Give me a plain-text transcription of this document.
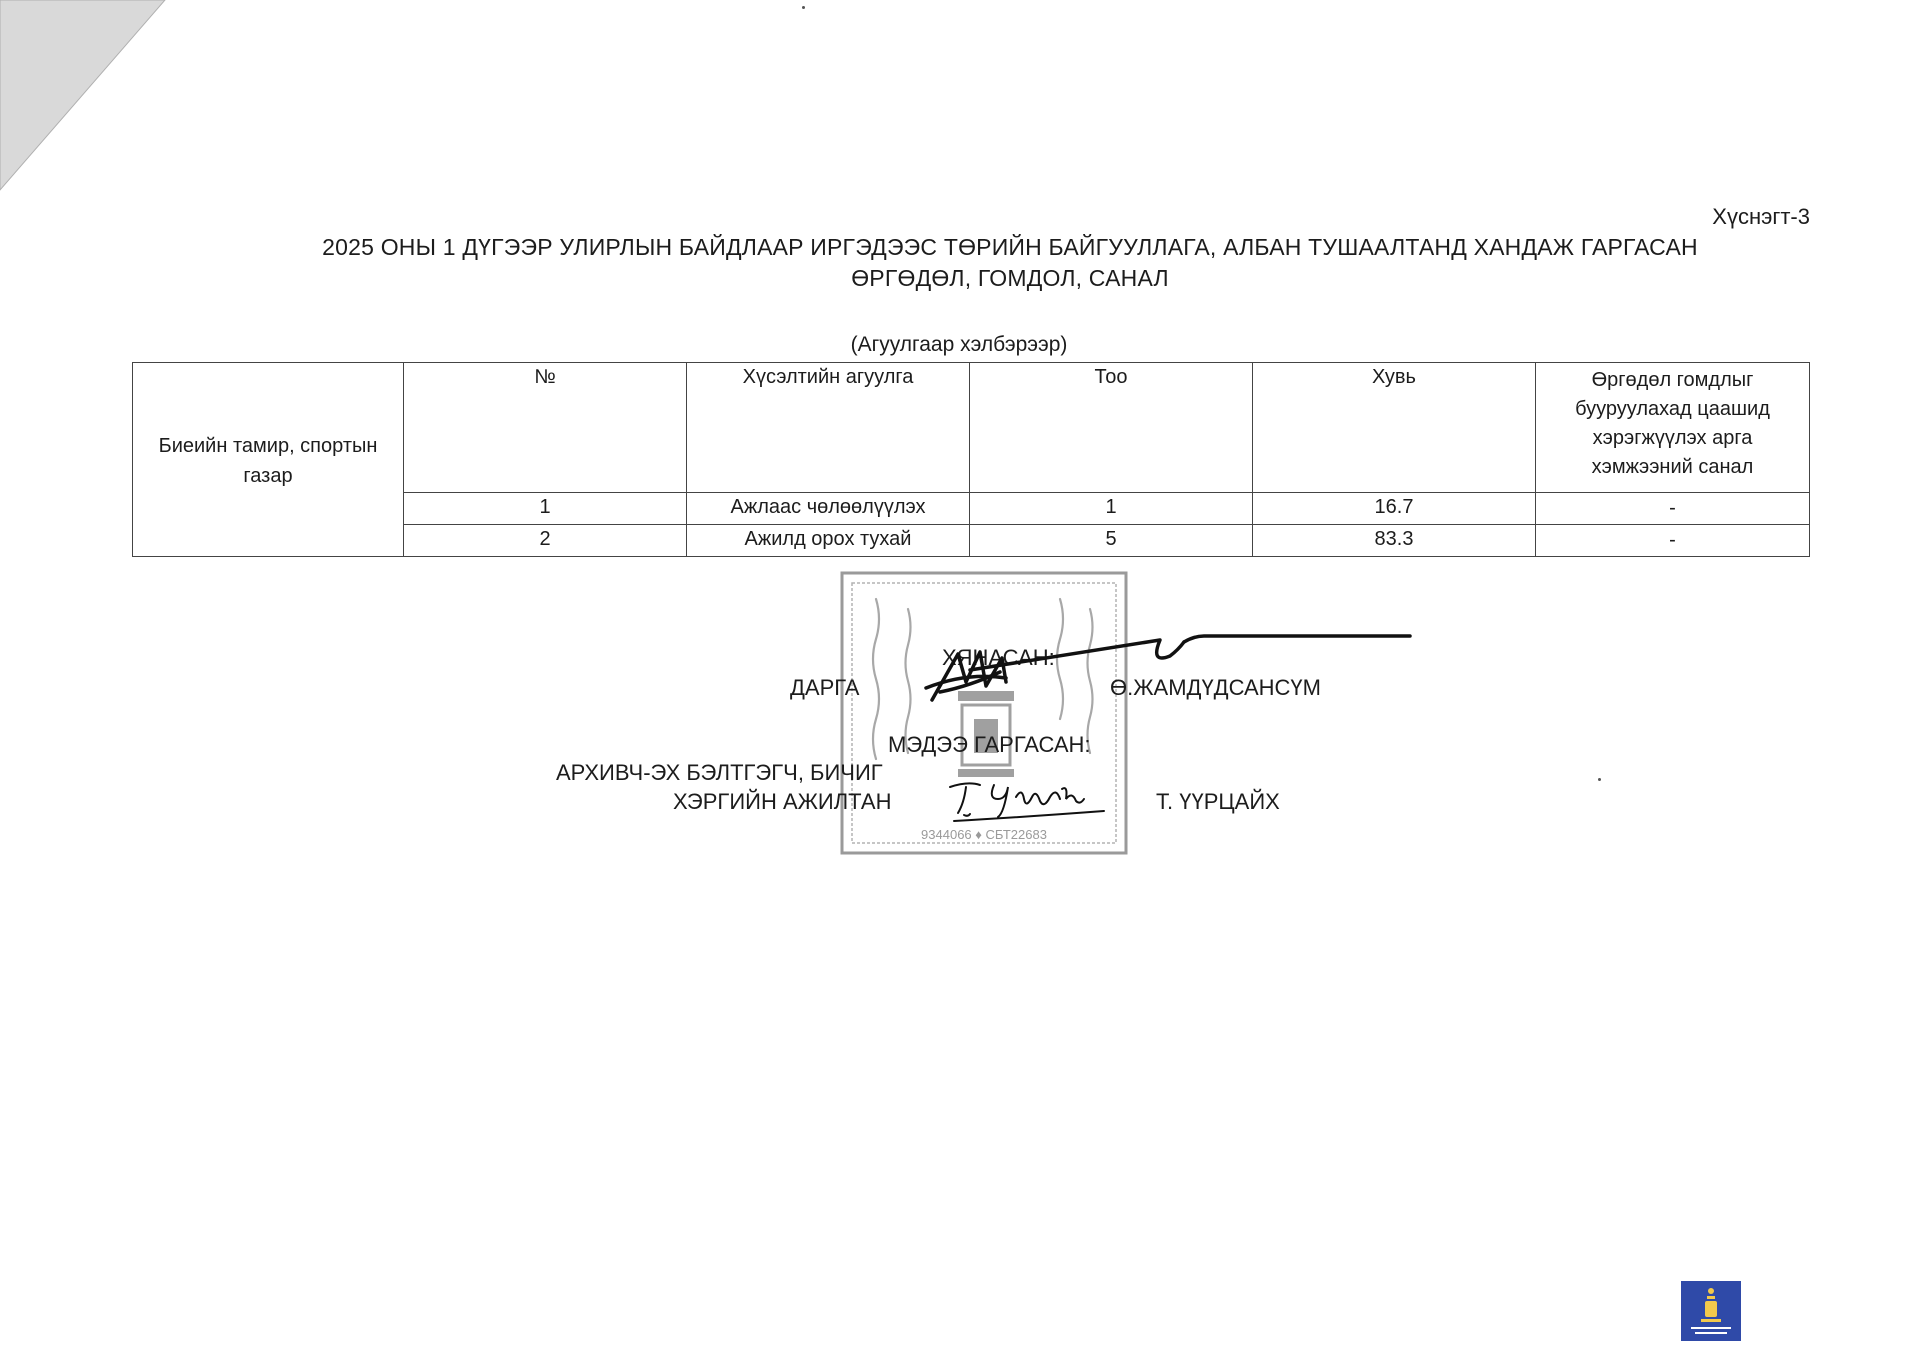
Хүснэгт-3
2025 ОНЫ 1 ДҮГЭЭР УЛИРЛЫН БАЙДЛААР ИРГЭДЭЭС ТӨРИЙН БАЙГУУЛЛАГА, АЛБАН ТУШААЛТАНД ХАНДАЖ ГАРГАСАН
ӨРГӨДӨЛ, ГОМДОЛ, САНАЛ
(Агуулгаар хэлбэрээр)
Биеийн тамир, спортын газар	№	Хүсэлтийн агуулга	Тоо	Хувь	Өргөдөл гомдлыг бууруулахад цаашид хэрэгжүүлэх арга хэмжээний санал
	1	Ажлаас чөлөөлүүлэх	1	16.7	-
	2	Ажилд орох тухай	5	83.3	-
9344066 ♦ СБТ22683
ХЯНАСАН:
ДАРГА	Ө.ЖАМДҮДСАНСҮМ
МЭДЭЭ ГАРГАСАН:
АРХИВЧ-ЭХ БЭЛТГЭГЧ, БИЧИГ
ХЭРГИЙН АЖИЛТАН	Т. ҮҮРЦАЙХ
